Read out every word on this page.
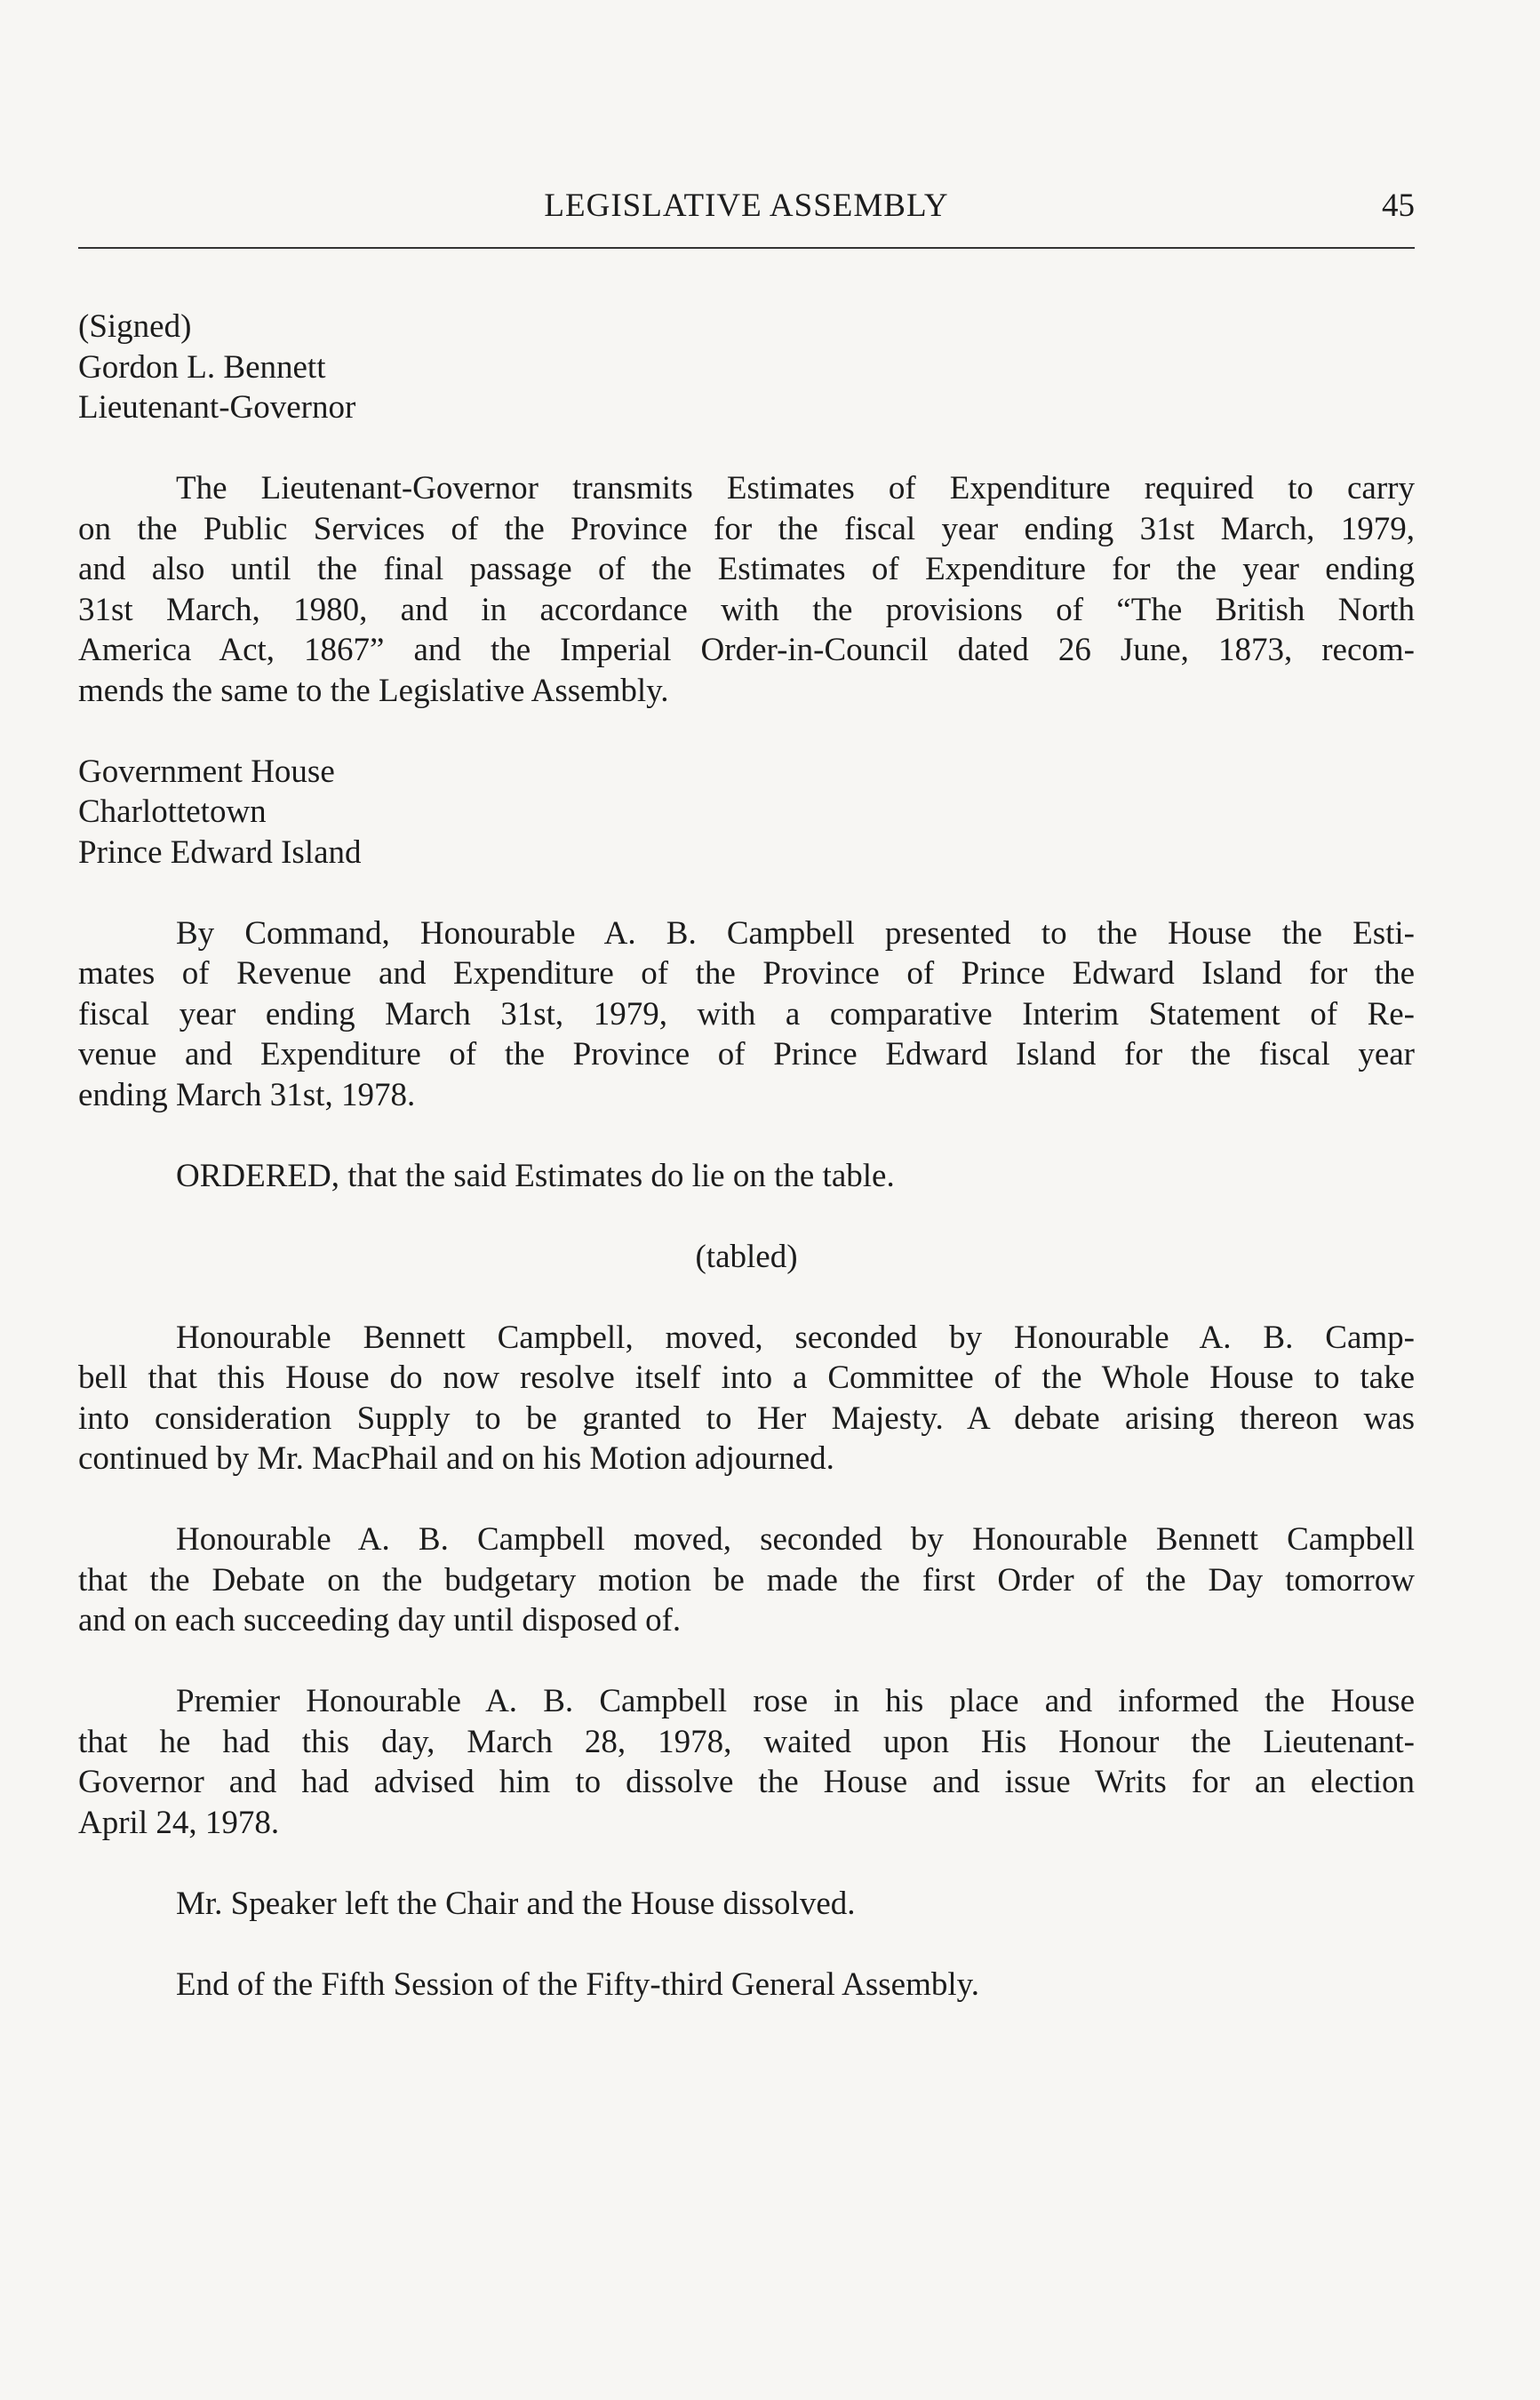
LEGISLATIVE ASSEMBLY	45
(Signed)
Gordon L. Bennett
Lieutenant-Governor
The Lieutenant-Governor transmits Estimates of Expenditure required to carry
on the Public Services of the Province for the fiscal year ending 31st March, 1979,
and also until the final passage of the Estimates of Expenditure for the year ending
31st March, 1980, and in accordance with the provisions of “The British North
America Act, 1867” and the Imperial Order-in-Council dated 26 June, 1873, recom-
mends the same to the Legislative Assembly.
Government House
Charlottetown
Prince Edward Island
By Command, Honourable A. B. Campbell presented to the House the Esti-
mates of Revenue and Expenditure of the Province of Prince Edward Island for the
fiscal year ending March 31st, 1979, with a comparative Interim Statement of Re-
venue and Expenditure of the Province of Prince Edward Island for the fiscal year
ending March 31st, 1978.
ORDERED, that the said Estimates do lie on the table.
(tabled)
Honourable Bennett Campbell, moved, seconded by Honourable A. B. Camp-
bell that this House do now resolve itself into a Committee of the Whole House to take
into consideration Supply to be granted to Her Majesty. A debate arising thereon was
continued by Mr. MacPhail and on his Motion adjourned.
Honourable A. B. Campbell moved, seconded by Honourable Bennett Campbell
that the Debate on the budgetary motion be made the first Order of the Day tomorrow
and on each succeeding day until disposed of.
Premier Honourable A. B. Campbell rose in his place and informed the House
that he had this day, March 28, 1978, waited upon His Honour the Lieutenant-
Governor and had advised him to dissolve the House and issue Writs for an election
April 24, 1978.
Mr. Speaker left the Chair and the House dissolved.
End of the Fifth Session of the Fifty-third General Assembly.
